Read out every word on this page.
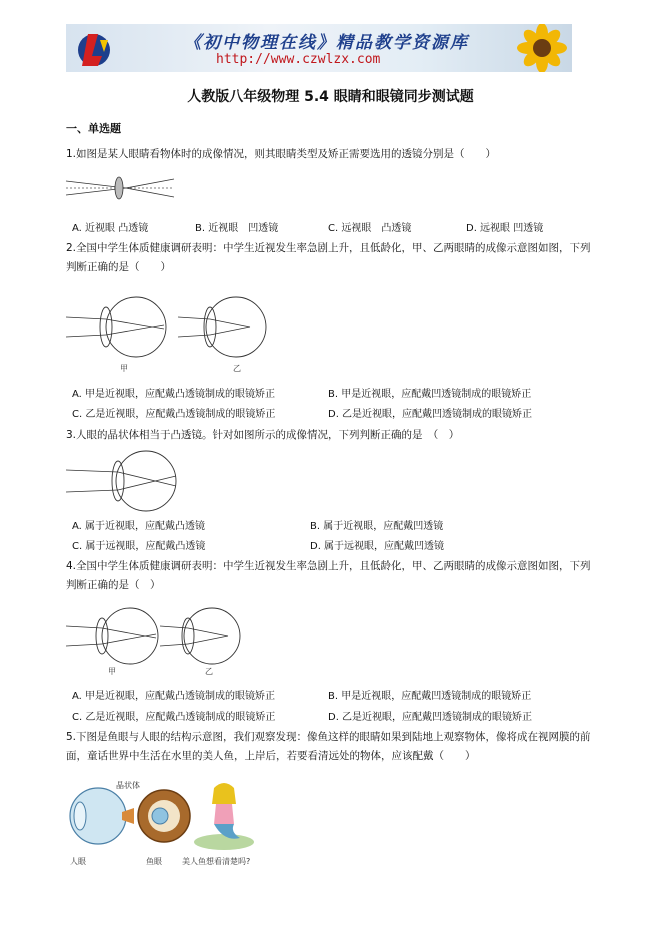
《初中物理在线》精品教学资源库
http://www.czwlzx.com
人教版八年级物理 5.4 眼睛和眼镜同步测试题
一、单选题
1.如图是某人眼睛看物体时的成像情况，则其眼睛类型及矫正需要选用的透镜分别是（　　）
A. 近视眼 凸透镜	B. 近视眼　凹透镜	C. 远视眼　凸透镜	D. 远视眼 凹透镜
2.全国中学生体质健康调研表明：中学生近视发生率急剧上升，且低龄化，甲、乙两眼睛的成像示意图如图，下列判断正确的是（　　）
甲	乙
A. 甲是近视眼，应配戴凸透镜制成的眼镜矫正	B. 甲是近视眼，应配戴凹透镜制成的眼镜矫正
C. 乙是近视眼，应配戴凸透镜制成的眼镜矫正	D. 乙是近视眼，应配戴凹透镜制成的眼镜矫正
3.人眼的晶状体相当于凸透镜。针对如图所示的成像情况，下列判断正确的是　（　）
A. 属于近视眼，应配戴凸透镜	B. 属于近视眼，应配戴凹透镜
C. 属于远视眼，应配戴凸透镜	D. 属于远视眼，应配戴凹透镜
4.全国中学生体质健康调研表明：中学生近视发生率急剧上升，且低龄化，甲、乙两眼睛的成像示意图如图，下列判断正确的是（　）
甲	乙
A. 甲是近视眼，应配戴凸透镜制成的眼镜矫正	B. 甲是近视眼，应配戴凹透镜制成的眼镜矫正
C. 乙是近视眼，应配戴凸透镜制成的眼镜矫正	D. 乙是近视眼，应配戴凹透镜制成的眼镜矫正
5.下图是鱼眼与人眼的结构示意图，我们观察发现：像鱼这样的眼睛如果到陆地上观察物体，像将成在视网膜的前面，童话世界中生活在水里的美人鱼，上岸后，若要看清远处的物体，应该配戴（　　）
晶状体
人眼	鱼眼	美人鱼想看清楚吗?
